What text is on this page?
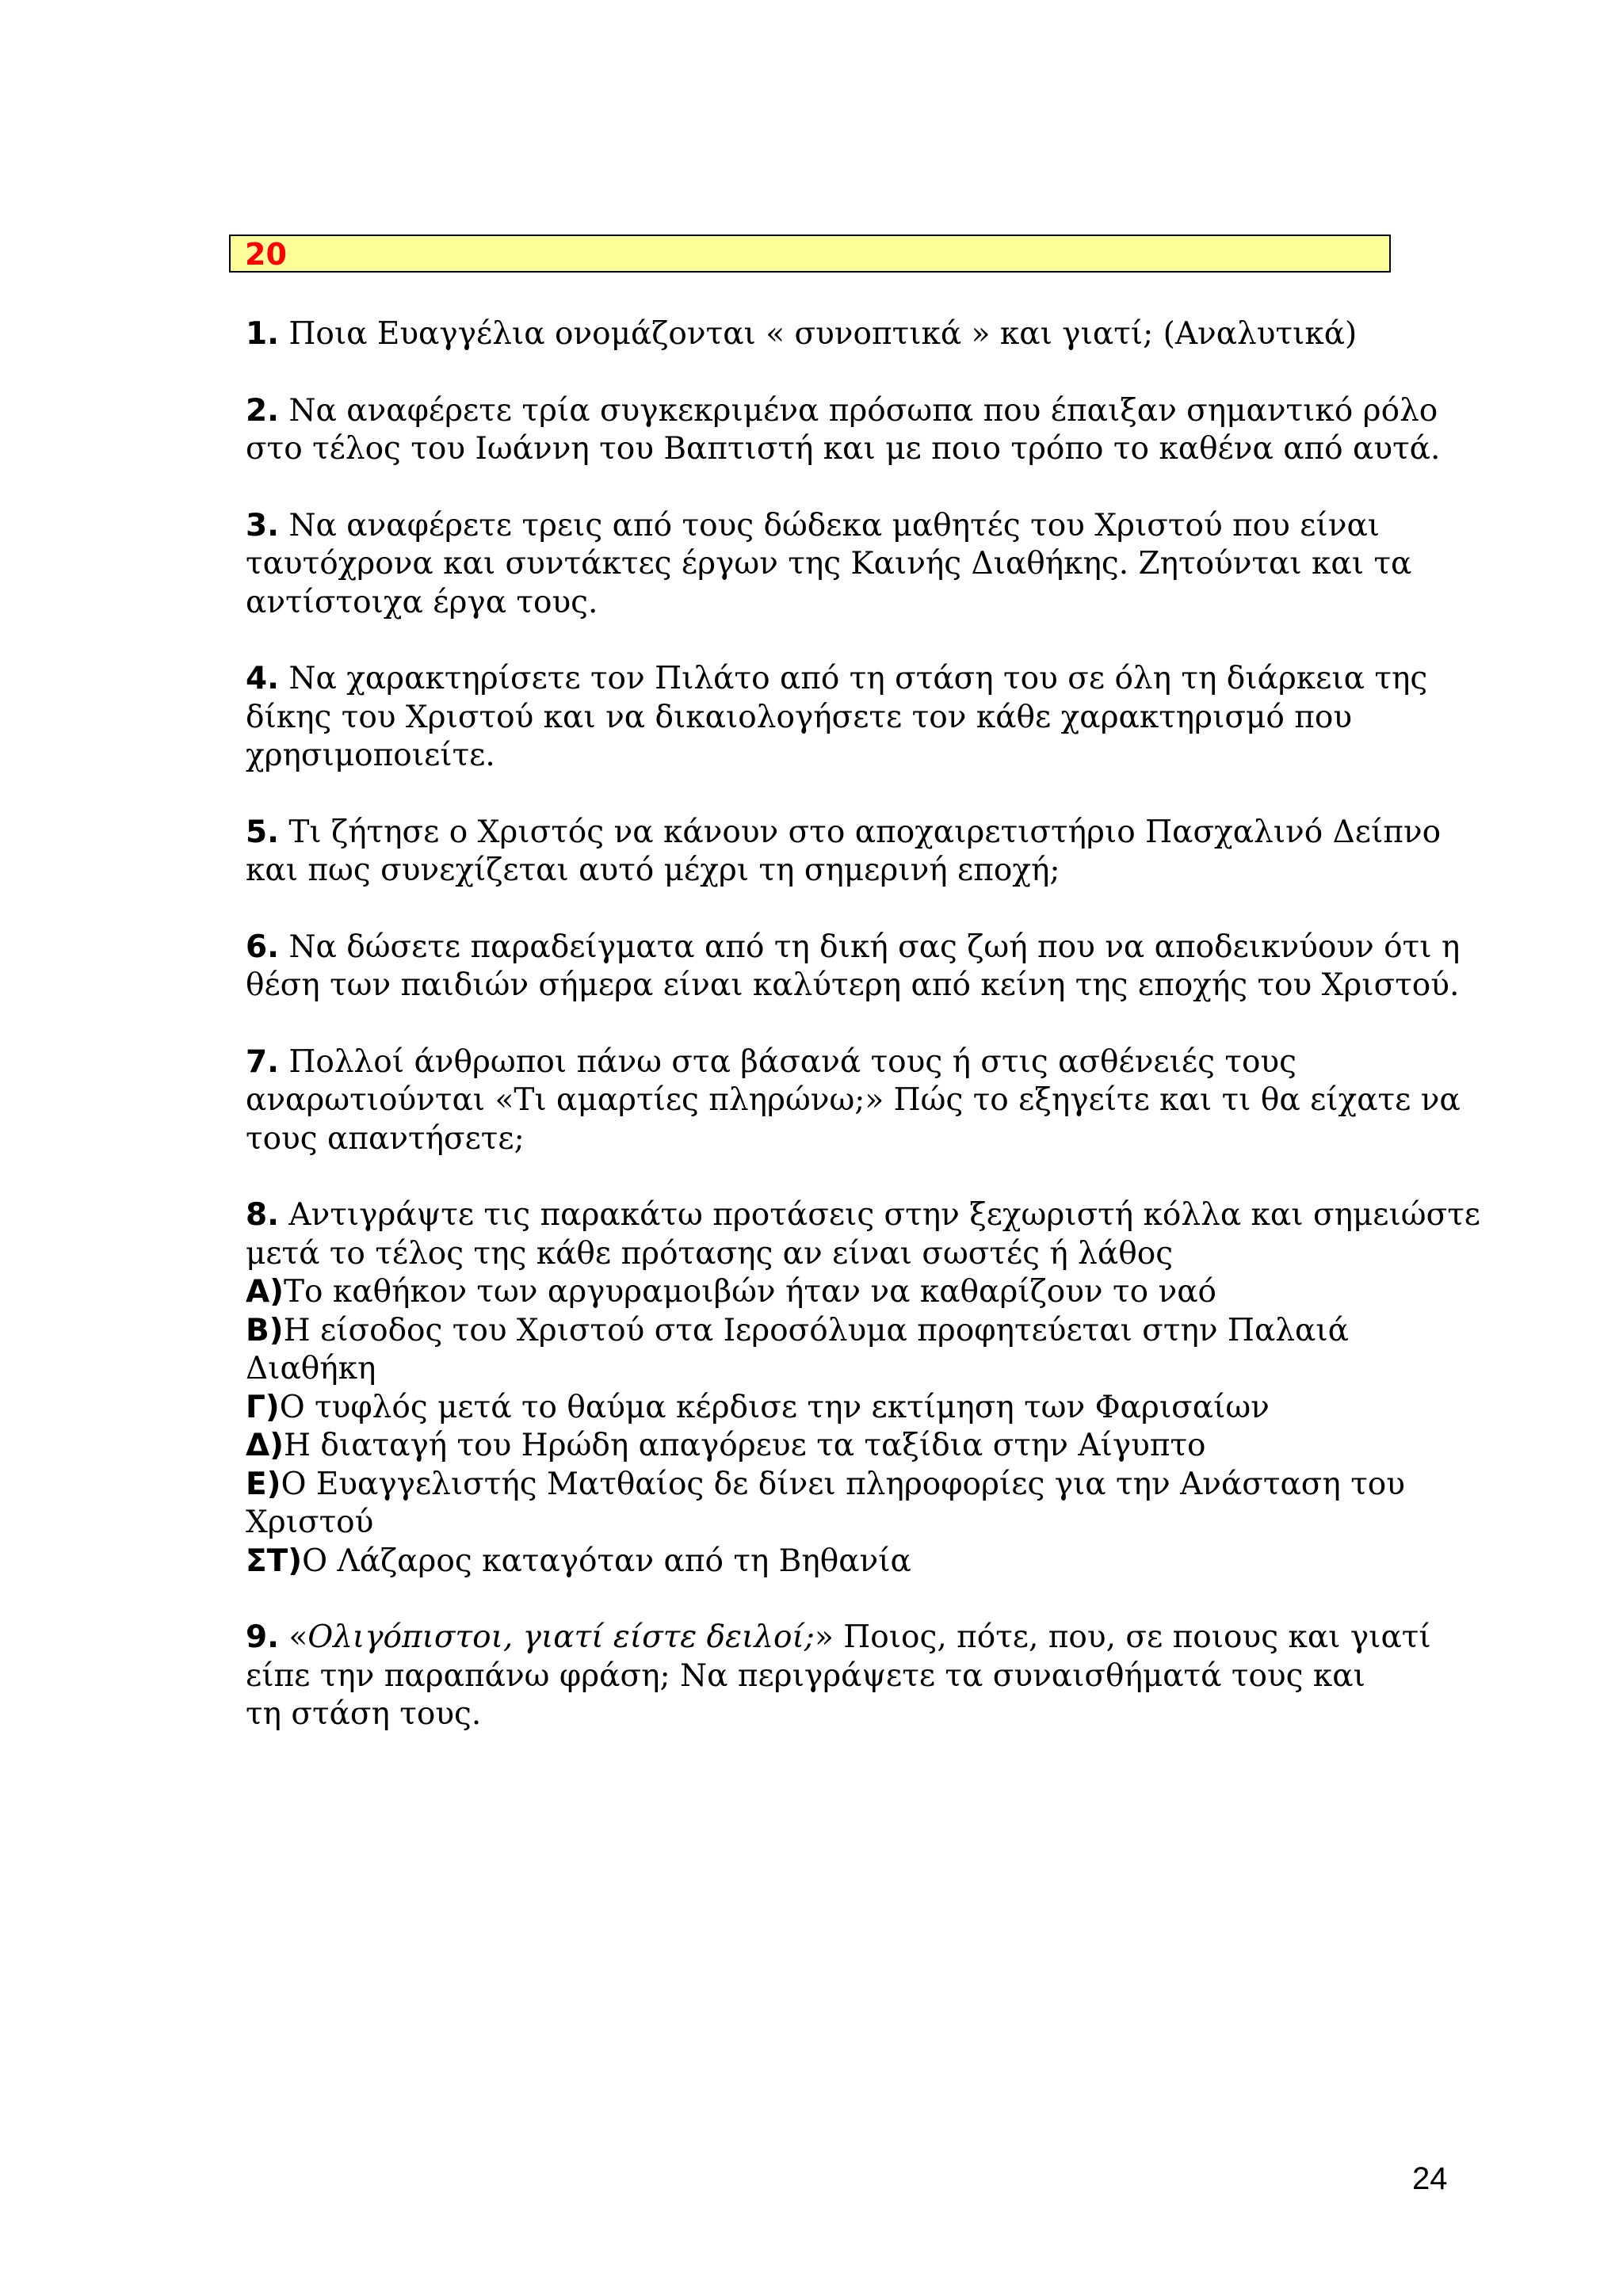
20
1. Ποια Ευαγγέλια ονομάζονται « συνοπτικά » και γιατί; (Αναλυτικά)
2. Να αναφέρετε τρία συγκεκριμένα πρόσωπα που έπαιξαν σημαντικό ρόλο
στο τέλος του Ιωάννη του Βαπτιστή και με ποιο τρόπο το καθένα από αυτά.
3. Να αναφέρετε τρεις από τους δώδεκα μαθητές του Χριστού που είναι
ταυτόχρονα και συντάκτες έργων της Καινής Διαθήκης. Ζητούνται και τα
αντίστοιχα έργα τους.
4. Να χαρακτηρίσετε τον Πιλάτο από τη στάση του σε όλη τη διάρκεια της
δίκης του Χριστού και να δικαιολογήσετε τον κάθε χαρακτηρισμό που
χρησιμοποιείτε.
5. Τι ζήτησε ο Χριστός να κάνουν στο αποχαιρετιστήριο Πασχαλινό Δείπνο
και πως συνεχίζεται αυτό μέχρι τη σημερινή εποχή;
6. Να δώσετε παραδείγματα από τη δική σας ζωή που να αποδεικνύουν ότι η
θέση των παιδιών σήμερα είναι καλύτερη από κείνη της εποχής του Χριστού.
7. Πολλοί άνθρωποι πάνω στα βάσανά τους ή στις ασθένειές τους
αναρωτιούνται «Τι αμαρτίες πληρώνω;» Πώς το εξηγείτε και τι θα είχατε να
τους απαντήσετε;
8. Αντιγράψτε τις παρακάτω προτάσεις στην ξεχωριστή κόλλα και σημειώστε
μετά το τέλος της κάθε πρότασης αν είναι σωστές ή λάθος
Α)Το καθήκον των αργυραμοιβών ήταν να καθαρίζουν το ναό
Β)Η είσοδος του Χριστού στα Ιεροσόλυμα προφητεύεται στην Παλαιά
Διαθήκη
Γ)Ο τυφλός μετά το θαύμα κέρδισε την εκτίμηση των Φαρισαίων
Δ)Η διαταγή του Ηρώδη απαγόρευε τα ταξίδια στην Αίγυπτο
Ε)Ο Ευαγγελιστής Ματθαίος δε δίνει πληροφορίες για την Ανάσταση του
Χριστού
ΣΤ)Ο Λάζαρος καταγόταν από τη Βηθανία
9. «Ολιγόπιστοι, γιατί είστε δειλοί;» Ποιος, πότε, που, σε ποιους και γιατί
είπε την παραπάνω φράση; Να περιγράψετε τα συναισθήματά τους και
τη στάση τους.
24
